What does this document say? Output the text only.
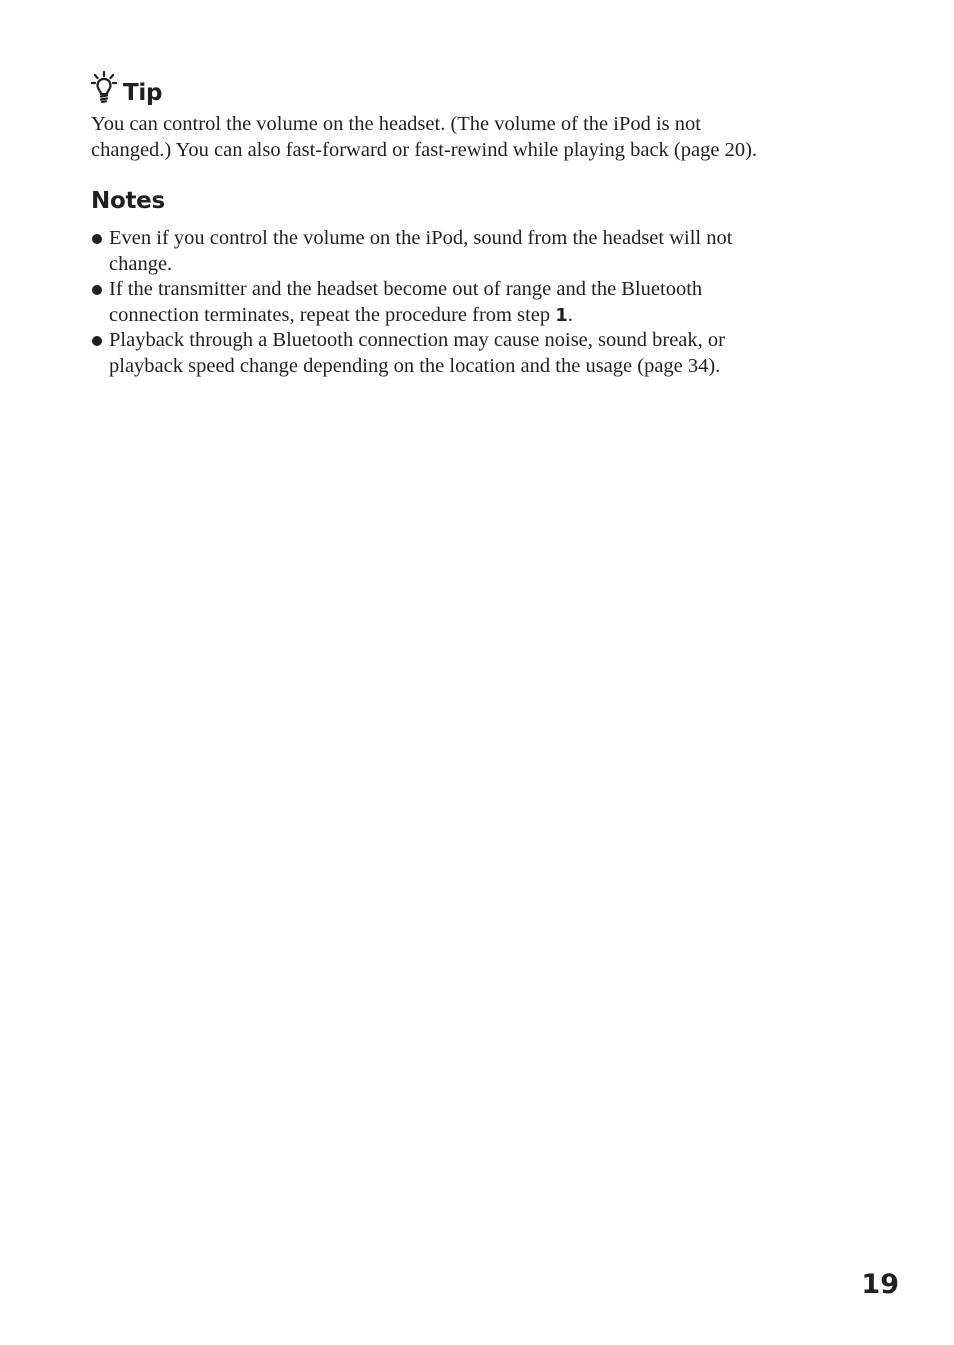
Tip

You can control the volume on the headset. (The volume of the iPod is not
changed.) You can also fast-forward or fast-rewind while playing back (page 20).

Notes
Even if you control the volume on the iPod, sound from the headset will not
change.
If the transmitter and the headset become out of range and the Bluetooth
connection terminates, repeat the procedure from step 1.
Playback through a Bluetooth connection may cause noise, sound break, or
playback speed change depending on the location and the usage (page 34).
19
